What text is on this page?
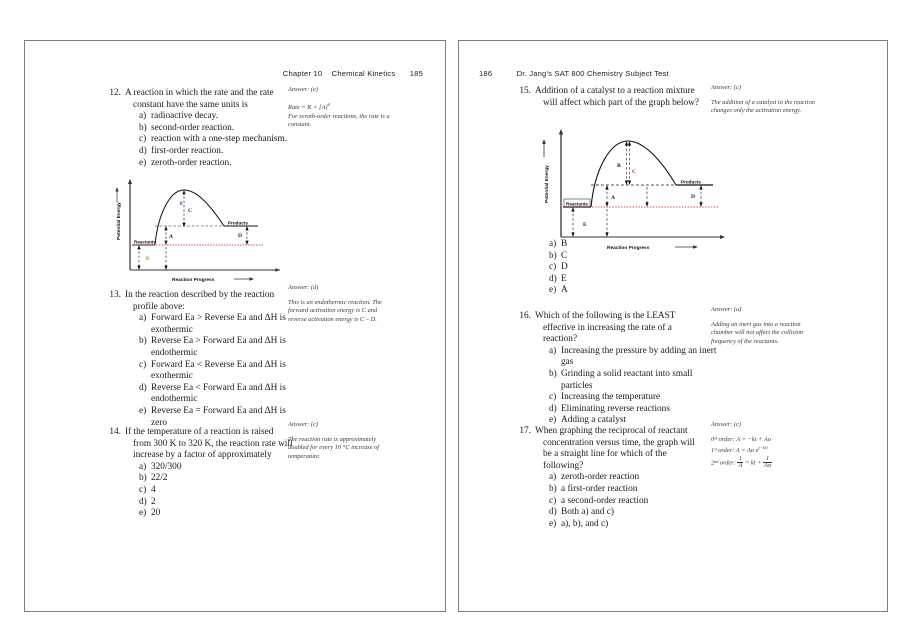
Chapter 10 Chemical Kinetics 185
12. A reaction in which the rate and the rate
constant have the same units is
a) radioactive decay.
b) second-order reaction.
c) reaction with a one-step mechanism.
d) first-order reaction.
e) zeroth-order reaction.
Answer: (e)
Rate = $K \times [A]^0$
For zeroth-order reactions, the rate is a constant.
Potential Energy
Reaction Progress
C
B
A	D
E
Reactants
Products
13. In the reaction described by the reaction
profile above:
a) Forward Ea > Reverse Ea and ΔH is exothermic
b) Reverse Ea > Forward Ea and ΔH is endothermic
c) Forward Ea < Reverse Ea and ΔH is exothermic
d) Reverse Ea < Forward Ea and ΔH is endothermic
e) Reverse Ea = Forward Ea and ΔH is zero
Answer: (d)
This is an endothermic reaction. The forward activation energy is C and reverse activation energy is C – D.
14. If the temperature of a reaction is raised
from 300 K to 320 K, the reaction rate will
increase by a factor of approximately
a) 320/300
b) 22/2
c) 4
d) 2
e) 20
Answer: (c)
The reaction rate is approximately doubled for every 10 °C increase of temperature.
186	Dr. Jang's SAT 800 Chemistry Subject Test
15. Addition of a catalyst to a reaction mixture
will affect which part of the graph below?
Answer: (c)
The addition of a catalyst to the reaction changes only the activation energy.
Potential Energy
Reaction Progress
B
C
A	D
E
Reactants
Products
a) B
b) C
c) D
d) E
e) A
16. Which of the following is the LEAST
effective in increasing the rate of a
reaction?
a) Increasing the pressure by adding an inert gas
b) Grinding a solid reactant into small particles
c) Increasing the temperature
d) Eliminating reverse reactions
e) Adding a catalyst
Answer: (a)
Adding an inert gas into a reaction chamber will not affect the collision frequency of the reactants.
17. When graphing the reciprocal of reactant
concentration versus time, the graph will
be a straight line for which of the
following?
a) zeroth-order reaction
b) a first-order reaction
c) a second-order reaction
d) Both a) and c)
e) a), b), and c)
Answer: (c)
0ᵗʰ order: A = −kt + Ao
1ˢᵗ order: A = Ao $e^{(-kt)}$
2ⁿᵈ order: $\frac{1}{A}$ = kt + $\frac{1}{Ao}$
